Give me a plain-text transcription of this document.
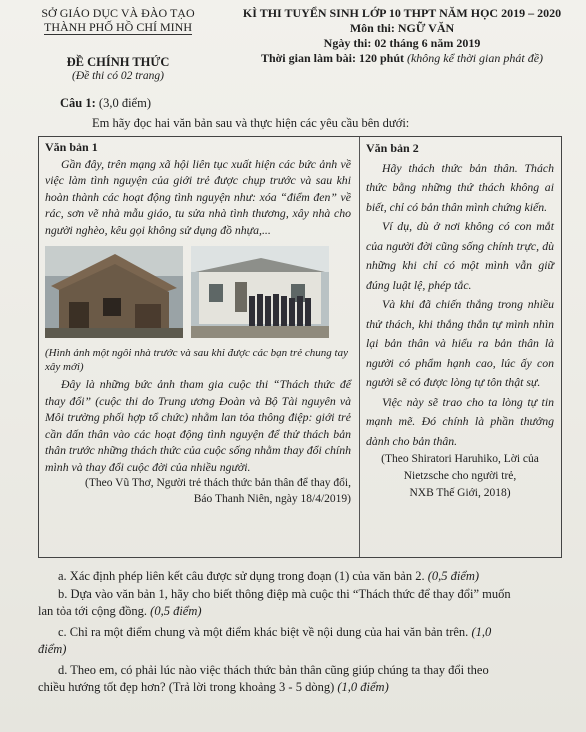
SỞ GIÁO DỤC VÀ ĐÀO TẠO
THÀNH PHỐ HỒ CHÍ MINH
ĐỀ CHÍNH THỨC
(Đề thi có 02 trang)
KÌ THI TUYỂN SINH LỚP 10 THPT NĂM HỌC 2019 – 2020
Môn thi: NGỮ VĂN
Ngày thi: 02 tháng 6 năm 2019
Thời gian làm bài: 120 phút (không kể thời gian phát đề)
Câu 1: (3,0 điểm)
Em hãy đọc hai văn bản sau và thực hiện các yêu cầu bên dưới:
Văn bản 1

Gần đây, trên mạng xã hội liên tục xuất hiện các bức ảnh về việc làm tình nguyện của giới trẻ được chụp trước và sau khi hoàn thành các hoạt động tình nguyện như: xóa “điểm đen” về rác, sơn vẽ nhà mẫu giáo, tu sửa nhà tình thương, xây nhà cho người nghèo, kêu gọi không sử dụng đồ nhựa,...

(Hình ảnh một ngôi nhà trước và sau khi được các bạn trẻ chung tay xây mới)

Đây là những bức ảnh tham gia cuộc thi “Thách thức để thay đổi” (cuộc thi do Trung ương Đoàn và Bộ Tài nguyên và Môi trường phối hợp tổ chức) nhằm lan tỏa thông điệp: giới trẻ cần dấn thân vào các hoạt động tình nguyện để thử thách bản thân trước những thách thức của cuộc sống nhằm thay đổi chính mình và thay đổi cuộc đời của nhiều người.

(Theo Vũ Thơ, Người trẻ thách thức bản thân để thay đổi,
Báo Thanh Niên, ngày 18/4/2019)
Văn bản 2

Hãy thách thức bản thân. Thách thức bằng những thứ thách không ai biết, chỉ có bản thân mình chứng kiến.

Ví dụ, dù ở nơi không có con mắt của người đời cũng sống chính trực, dù những khi chỉ có một mình vẫn giữ đúng luật lệ, phép tắc.

Và khi đã chiến thắng trong nhiều thử thách, khi thắng thắn tự mình nhìn lại bản thân và hiểu ra bản thân là người có phẩm hạnh cao, lúc ấy con người sẽ có được lòng tự tôn thật sự.

Việc này sẽ trao cho ta lòng tự tin mạnh mẽ. Đó chính là phần thưởng dành cho bản thân.

(Theo Shiratori Haruhiko, Lời của
Nietzsche cho người trẻ,
NXB Thế Giới, 2018)
a. Xác định phép liên kết câu được sử dụng trong đoạn (1) của văn bản 2. (0,5 điểm)
b. Dựa vào văn bản 1, hãy cho biết thông điệp mà cuộc thi “Thách thức để thay đổi” muốn
lan tỏa tới cộng đồng. (0,5 điểm)
c. Chỉ ra một điểm chung và một điểm khác biệt về nội dung của hai văn bản trên. (1,0
điểm)
d. Theo em, có phải lúc nào việc thách thức bản thân cũng giúp chúng ta thay đổi theo
chiều hướng tốt đẹp hơn? (Trả lời trong khoảng 3 - 5 dòng) (1,0 điểm)
